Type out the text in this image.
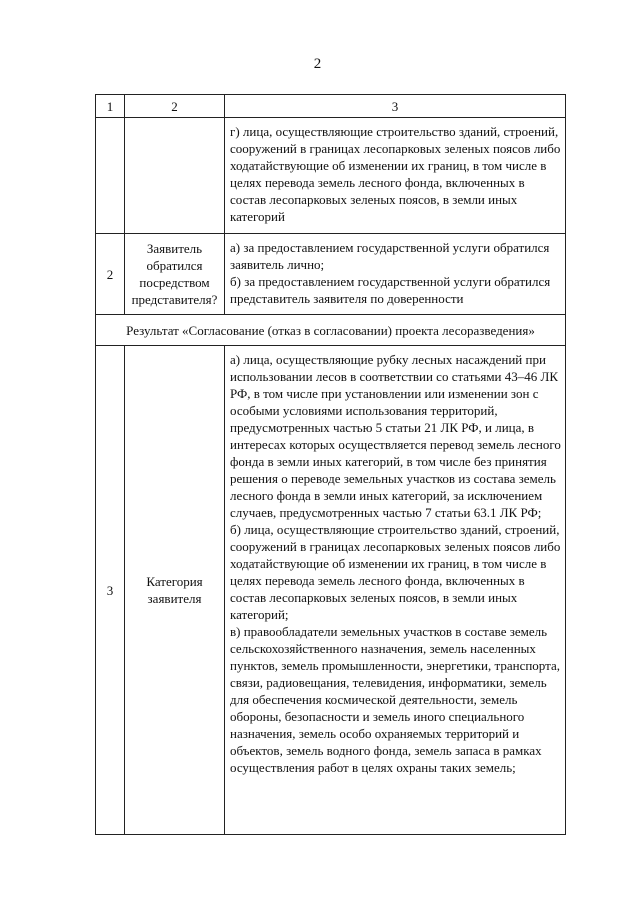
2
1	2	3

		г) лица, осуществляющие строительство зданий, строений, сооружений в границах лесопарковых зеленых поясов либо ходатайствующие об изменении их границ, в том числе в целях перевода земель лесного фонда, включенных в состав лесопарковых зеленых поясов, в земли иных категорий

2	Заявитель обратился посредством представителя?	а) за предоставлением государственной услуги обратился заявитель лично;

б) за предоставлением государственной услуги обратился представитель заявителя по доверенности

Результат «Согласование (отказ в согласовании) проекта лесоразведения»		
3	Категория заявителя	а) лица, осуществляющие рубку лесных насаждений при использовании лесов в соответствии со статьями 43–46 ЛК РФ, в том числе при установлении или изменении зон с особыми условиями использования территорий, предусмотренных частью 5 статьи 21 ЛК РФ, и лица, в интересах которых осуществляется перевод земель лесного фонда в земли иных категорий, в том числе без принятия решения о переводе земельных участков из состава земель лесного фонда в земли иных категорий, за исключением случаев, предусмотренных частью 7 статьи 63.1 ЛК РФ;

б) лица, осуществляющие строительство зданий, строений, сооружений в границах лесопарковых зеленых поясов либо ходатайствующие об изменении их границ, в том числе в целях перевода земель лесного фонда, включенных в состав лесопарковых зеленых поясов, в земли иных категорий;

в) правообладатели земельных участков в составе земель сельскохозяйственного назначения, земель населенных пунктов, земель промышленности, энергетики, транспорта, связи, радиовещания, телевидения, информатики, земель для обеспечения космической деятельности, земель обороны, безопасности и земель иного специального назначения, земель особо охраняемых территорий и объектов, земель водного фонда, земель запаса в рамках осуществления работ в целях охраны таких земель;
